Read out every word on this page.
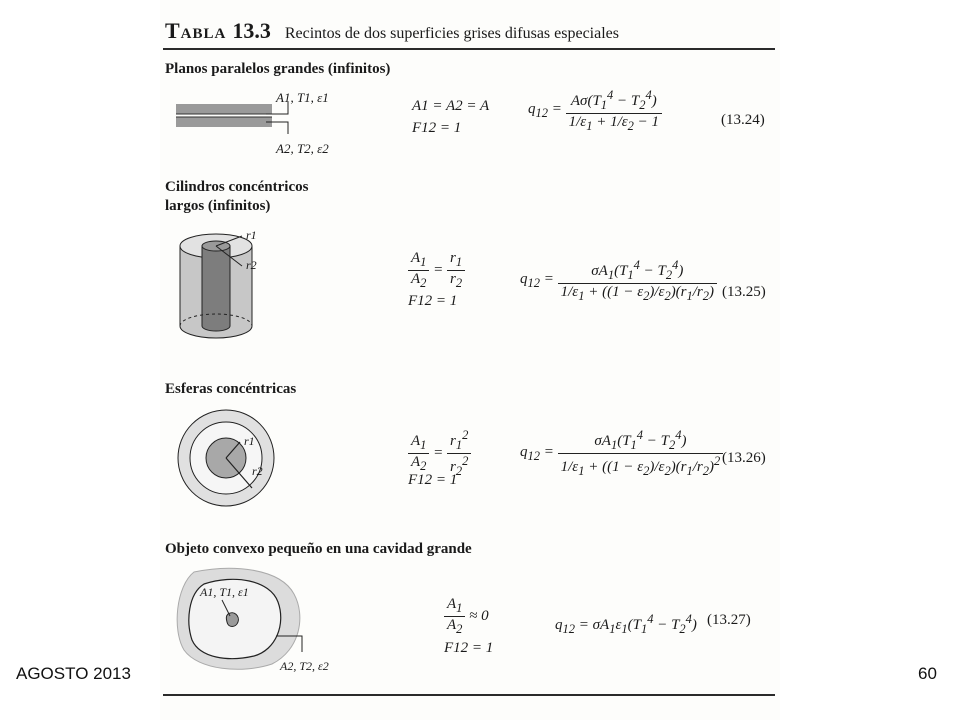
Tabla 13.3 Recintos de dos superficies grises difusas especiales
Planos paralelos grandes (infinitos)
A1, T1, ε1
A2, T2, ε2
A1 = A2 = A
F12 = 1
$q_{12} = \frac{A\sigma(T_1^4 - T_2^4)}{1/\varepsilon_1 + 1/\varepsilon_2 - 1}$	(13.24)
Cilindros concéntricos
largos (infinitos)
r1
r2	$\frac{A_1}{A_2} = \frac{r_1}{r_2}$
F12 = 1
$q_{12} = \frac{\sigma A_1(T_1^4 - T_2^4)}{1/\varepsilon_1 + ((1 - \varepsilon_2)/\varepsilon_2)(r_1/r_2)} (13.25)$
Esferas concéntricas
r1
r2	$\frac{A_1}{A_2} = \frac{r_1^2}{r_2^2}$
F12 = 1
$q_{12} = \frac{\sigma A_1(T_1^4 - T_2^4)}{1/\varepsilon_1 + ((1 - \varepsilon_2)/\varepsilon_2)(r_1/r_2)^2}$
(13.26)
Objeto convexo pequeño en una cavidad grande
A1, T1, ε1
A2, T2, ε2
$\frac{A_1}{A_2} \approx 0$
F12 = 1
$q_{12} = \sigma A_1\varepsilon_1(T_1^4 - T_2^4)$ (13.27)
AGOSTO 2013	60
